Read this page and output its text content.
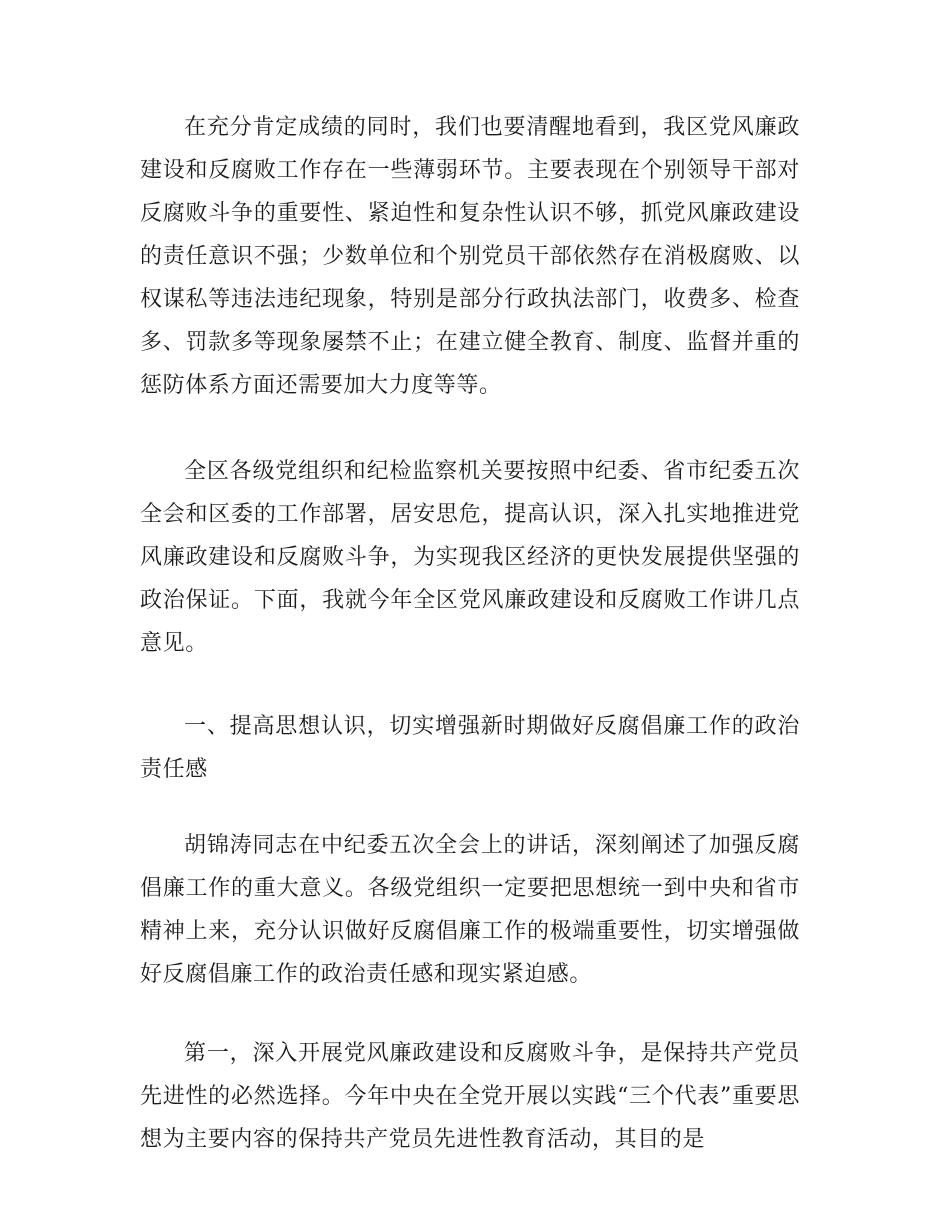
在充分肯定成绩的同时，我们也要清醒地看到，我区党风廉政建设和反腐败工作存在一些薄弱环节。主要表现在个别领导干部对反腐败斗争的重要性、紧迫性和复杂性认识不够，抓党风廉政建设的责任意识不强；少数单位和个别党员干部依然存在消极腐败、以权谋私等违法违纪现象，特别是部分行政执法部门，收费多、检查多、罚款多等现象屡禁不止；在建立健全教育、制度、监督并重的惩防体系方面还需要加大力度等等。

全区各级党组织和纪检监察机关要按照中纪委、省市纪委五次全会和区委的工作部署，居安思危，提高认识，深入扎实地推进党风廉政建设和反腐败斗争，为实现我区经济的更快发展提供坚强的政治保证。下面，我就今年全区党风廉政建设和反腐败工作讲几点意见。

一、提高思想认识，切实增强新时期做好反腐倡廉工作的政治责任感

胡锦涛同志在中纪委五次全会上的讲话，深刻阐述了加强反腐倡廉工作的重大意义。各级党组织一定要把思想统一到中央和省市精神上来，充分认识做好反腐倡廉工作的极端重要性，切实增强做好反腐倡廉工作的政治责任感和现实紧迫感。

第一，深入开展党风廉政建设和反腐败斗争，是保持共产党员先进性的必然选择。今年中央在全党开展以实践“三个代表”重要思想为主要内容的保持共产党员先进性教育活动，其目的是
